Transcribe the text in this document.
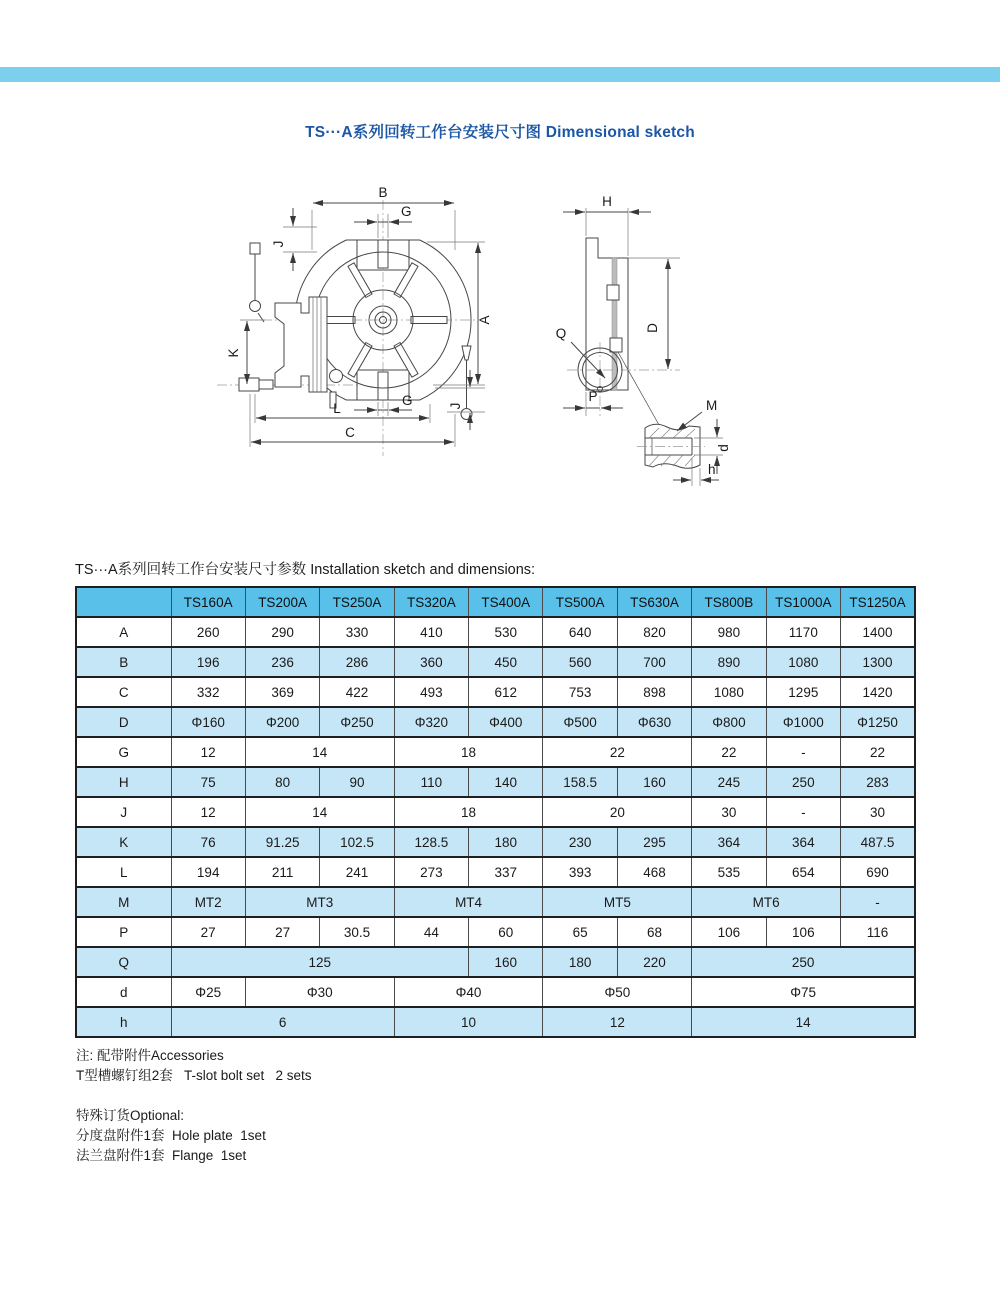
TS···A系列回转工作台安装尺寸图 Dimensional sketch
B
G
J
A
K
L
C
G	J
H
D
Q
P
M
d
h
TS···A系列回转工作台安装尺寸参数 Installation sketch and dimensions:
	TS160A	TS200A	TS250A	TS320A	TS400A	TS500A	TS630A	TS800B	TS1000A	TS1250A
A	260	290	330	410	530	640	820	980	1170	1400
B	196	236	286	360	450	560	700	890	1080	1300
C	332	369	422	493	612	753	898	1080	1295	1420
D	Φ160	Φ200	Φ250	Φ320	Φ400	Φ500	Φ630	Φ800	Φ1000	Φ1250
G	12	14		18		22		22	-	22
H	75	80	90	110	140	158.5	160	245	250	283
J	12	14		18		20		30	-	30
K	76	91.25	102.5	128.5	180	230	295	364	364	487.5
L	194	211	241	273	337	393	468	535	654	690
M	MT2	MT3		MT4		MT5		MT6		-
P	27	27	30.5	44	60	65	68	106	106	116
Q	125				160	180	220	250		
d	Φ25	Φ30		Φ40		Φ50		Φ75		
h	6			10		12		14		
注: 配带附件Accessories
T型槽螺钉组2套   T-slot bolt set   2 sets
特殊订货Optional:
分度盘附件1套  Hole plate  1set
法兰盘附件1套  Flange  1set
